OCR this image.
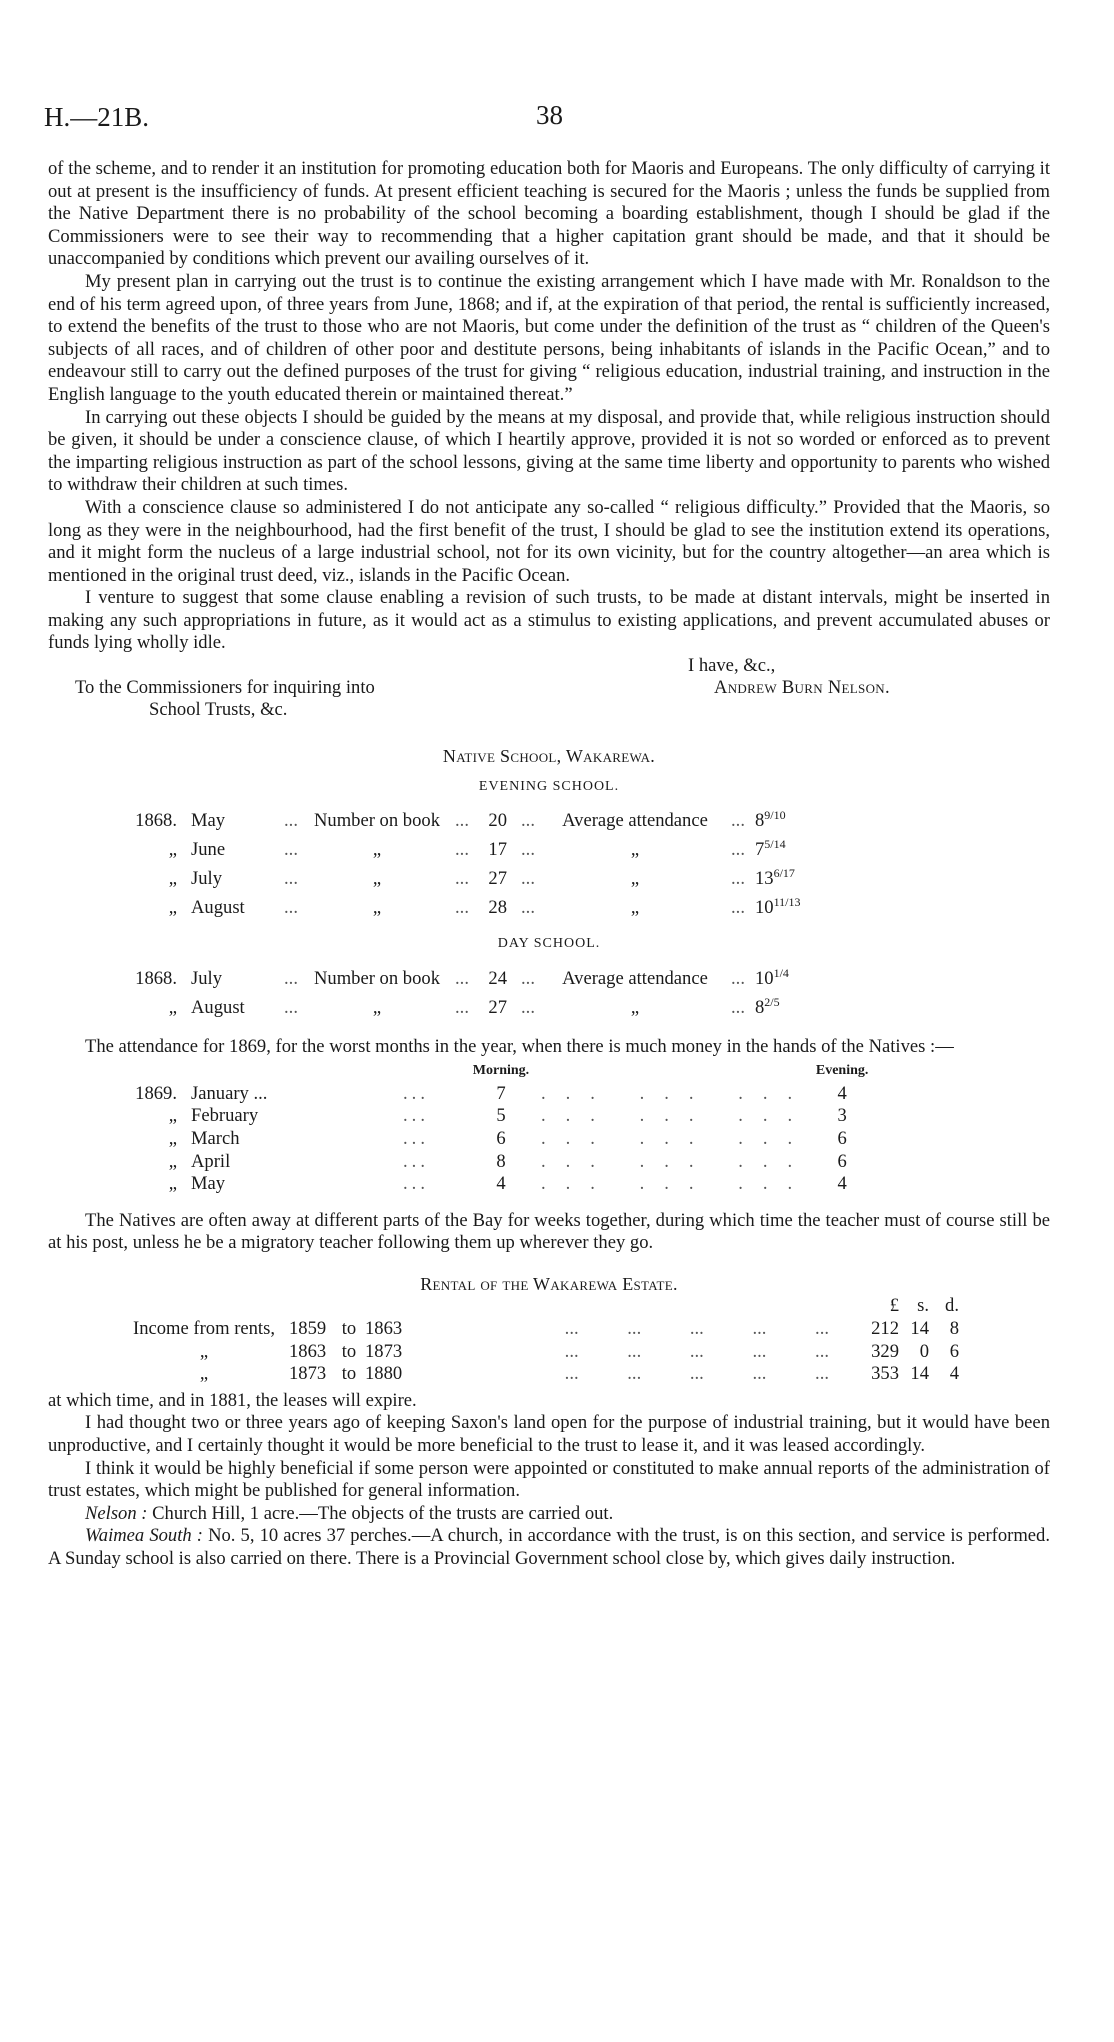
H.—21B.	38

of the scheme, and to render it an institution for promoting education both for Maoris and Europeans. The only difficulty of carrying it out at present is the insufficiency of funds. At present efficient teaching is secured for the Maoris ; unless the funds be supplied from the Native Department there is no probability of the school becoming a boarding establishment, though I should be glad if the Commissioners were to see their way to recommending that a higher capitation grant should be made, and that it should be unaccompanied by conditions which prevent our availing ourselves of it.

My present plan in carrying out the trust is to continue the existing arrangement which I have made with Mr. Ronaldson to the end of his term agreed upon, of three years from June, 1868; and if, at the expiration of that period, the rental is sufficiently increased, to extend the benefits of the trust to those who are not Maoris, but come under the definition of the trust as “ children of the Queen's subjects of all races, and of children of other poor and destitute persons, being inhabitants of islands in the Pacific Ocean,” and to endeavour still to carry out the defined purposes of the trust for giving “ religious education, industrial training, and instruction in the English language to the youth educated therein or maintained thereat.”

In carrying out these objects I should be guided by the means at my disposal, and provide that, while religious instruction should be given, it should be under a conscience clause, of which I heartily approve, provided it is not so worded or enforced as to prevent the imparting religious instruction as part of the school lessons, giving at the same time liberty and opportunity to parents who wished to withdraw their children at such times.

With a conscience clause so administered I do not anticipate any so-called “ religious difficulty.” Provided that the Maoris, so long as they were in the neighbourhood, had the first benefit of the trust, I should be glad to see the institution extend its operations, and it might form the nucleus of a large industrial school, not for its own vicinity, but for the country altogether—an area which is mentioned in the original trust deed, viz., islands in the Pacific Ocean.

I venture to suggest that some clause enabling a revision of such trusts, to be made at distant intervals, might be inserted in making any such appropriations in future, as it would act as a stimulus to existing applications, and prevent accumulated abuses or funds lying wholly idle.

I have, &c.,
To the Commissioners for inquiring into	Andrew Burn Nelson.
School Trusts, &c.
Native School, Wakarewa.
EVENING SCHOOL.
1868.	May	...	Number on book	...	20	...	Average attendance	...	$8^{9/10}$
„	June	...	„	...	17	...	„	...	$7^{5/14}$
„	July	...	„	...	27	...	„	...	$13^{6/17}$
„	August	...	„	...	28	...	„	...	$10^{11/13}$
DAY SCHOOL.
1868.	July	...	Number on book	...	24	...	Average attendance	...	$10^{1/4}$
„	August	...	„	...	27	...	„	...	$8^{2/5}$

The attendance for 1869, for the worst months in the year, when there is much money in the hands of the Natives :—

			Morning.		Evening.
1869.	January ...	...	7	... ... ...	4
„	February	...	5	... ... ...	3
„	March	...	6	... ... ...	6
„	April	...	8	... ... ...	6
„	May	...	4	... ... ...	4

The Natives are often away at different parts of the Bay for weeks together, during which time the teacher must of course still be at his post, unless he be a migratory teacher following them up wherever they go.

Rental of the Wakarewa Estate.
	£	s.	d.

Income from rents, 1859 to 1863 ... ... ... ... ...	212	14	8

„ 1863 to 1873 ... ... ... ... ...	329	0	6

„ 1873 to 1880 ... ... ... ... ...	353	14	4

at which time, and in 1881, the leases will expire.

I had thought two or three years ago of keeping Saxon's land open for the purpose of industrial training, but it would have been unproductive, and I certainly thought it would be more beneficial to the trust to lease it, and it was leased accordingly.

I think it would be highly beneficial if some person were appointed or constituted to make annual reports of the administration of trust estates, which might be published for general information.

Nelson : Church Hill, 1 acre.—The objects of the trusts are carried out.

Waimea South : No. 5, 10 acres 37 perches.—A church, in accordance with the trust, is on this section, and service is performed. A Sunday school is also carried on there. There is a Provincial Government school close by, which gives daily instruction.
